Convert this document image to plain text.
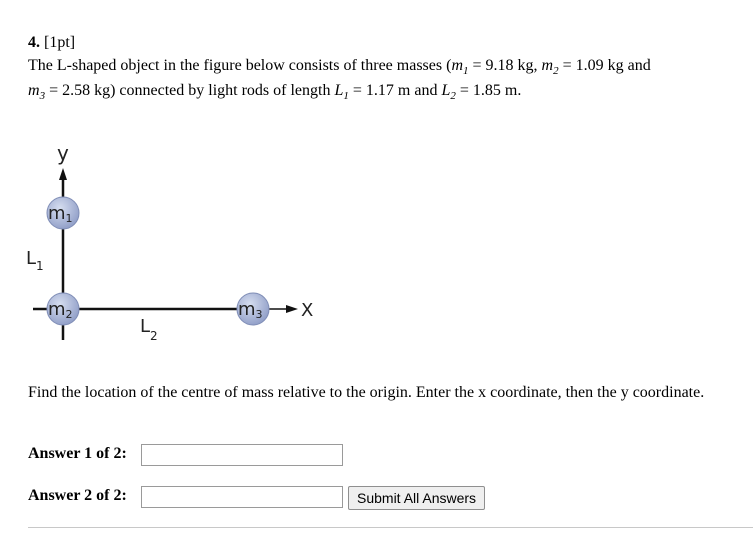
4. [1pt]
The L-shaped object in the figure below consists of three masses ($m_1 = 9.18$ kg, $m_2 = 1.09$ kg and
$m_3 = 2.58$ kg) connected by light rods of length $L_1 = 1.17$ m and $L_2 = 1.85$ m.
y
X
$L_1$
$L_2$
m1
m2	m3
Find the location of the centre of mass relative to the origin. Enter the x coordinate, then the y coordinate.
Answer 1 of 2:
Answer 2 of 2:	Submit All Answers
